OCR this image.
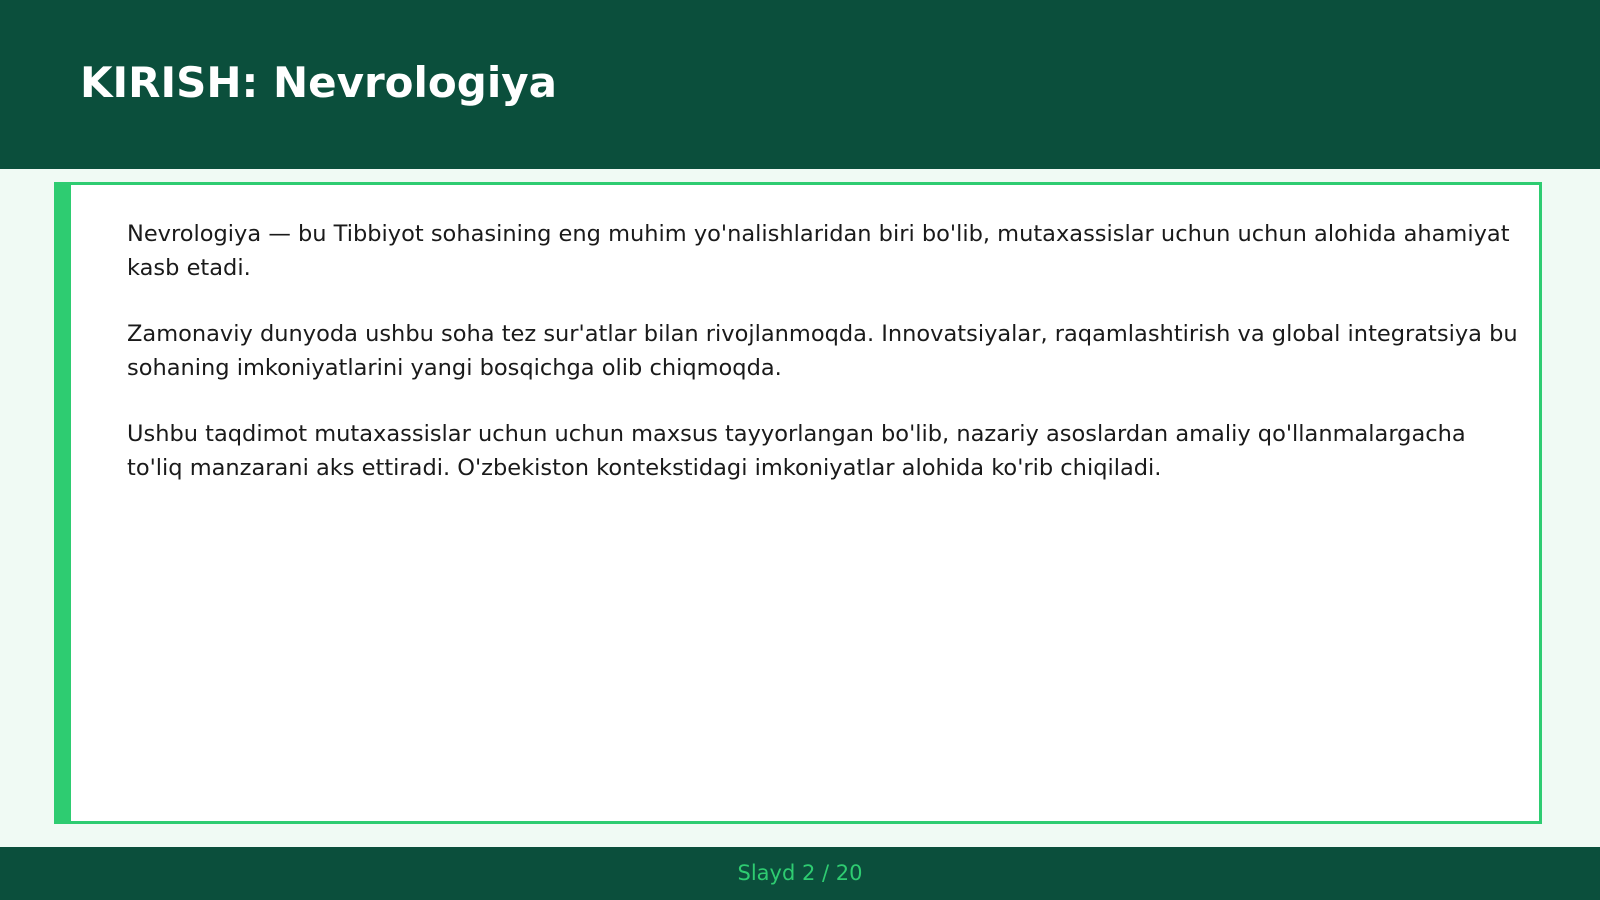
KIRISH: Nevrologiya

Nevrologiya — bu Tibbiyot sohasining eng muhim yo'nalishlaridan biri bo'lib, mutaxassislar uchun uchun alohida ahamiyat kasb etadi.

Zamonaviy dunyoda ushbu soha tez sur'atlar bilan rivojlanmoqda. Innovatsiyalar, raqamlashtirish va global integratsiya bu sohaning imkoniyatlarini yangi bosqichga olib chiqmoqda.

Ushbu taqdimot mutaxassislar uchun uchun maxsus tayyorlangan bo'lib, nazariy asoslardan amaliy qo'llanmalargacha to'liq manzarani aks ettiradi. O'zbekiston kontekstidagi imkoniyatlar alohida ko'rib chiqiladi.

Slayd 2 / 20
